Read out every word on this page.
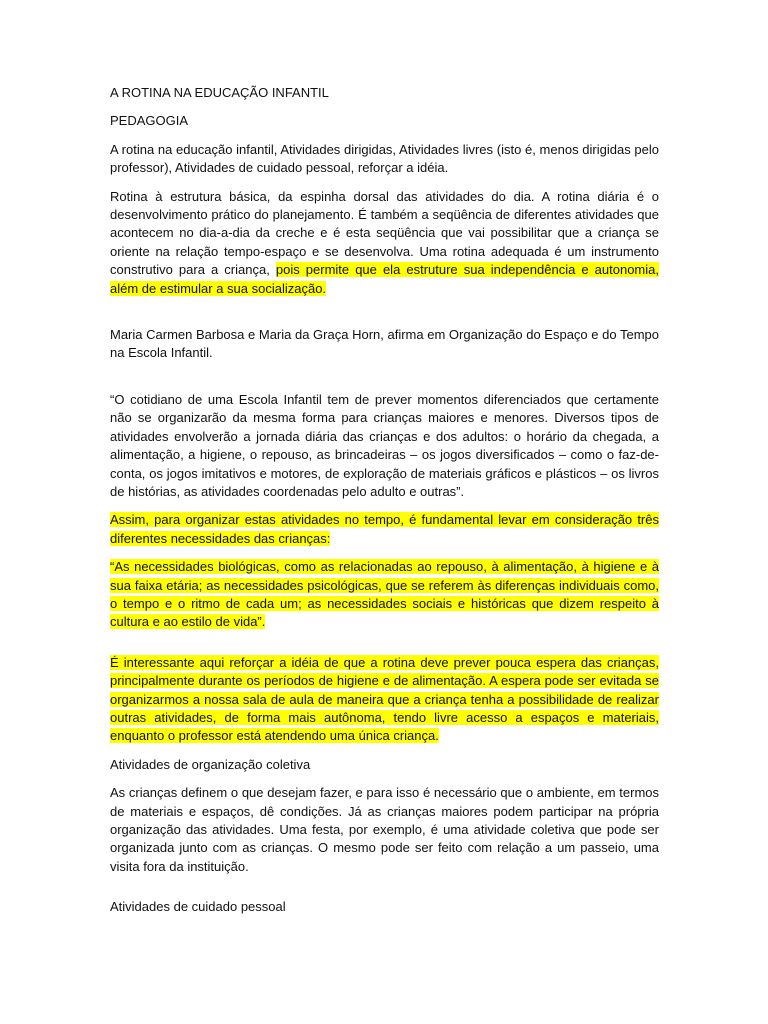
A ROTINA NA EDUCAÇÃO INFANTIL

PEDAGOGIA

A rotina na educação infantil, Atividades dirigidas, Atividades livres (isto é, menos dirigidas pelo professor), Atividades de cuidado pessoal, reforçar a idéia.

Rotina à estrutura básica, da espinha dorsal das atividades do dia. A rotina diária é o desenvolvimento prático do planejamento. É também a seqüência de diferentes atividades que acontecem no dia-a-dia da creche e é esta seqüência que vai possibilitar que a criança se oriente na relação tempo-espaço e se desenvolva. Uma rotina adequada é um instrumento construtivo para a criança, pois permite que ela estruture sua independência e autonomia, além de estimular a sua socialização.

Maria Carmen Barbosa e Maria da Graça Horn, afirma em Organização do Espaço e do Tempo na Escola Infantil.

“O cotidiano de uma Escola Infantil tem de prever momentos diferenciados que certamente não se organizarão da mesma forma para crianças maiores e menores. Diversos tipos de atividades envolverão a jornada diária das crianças e dos adultos: o horário da chegada, a alimentação, a higiene, o repouso, as brincadeiras – os jogos diversificados – como o faz-de-conta, os jogos imitativos e motores, de exploração de materiais gráficos e plásticos – os livros de histórias, as atividades coordenadas pelo adulto e outras”.

Assim, para organizar estas atividades no tempo, é fundamental levar em consideração três diferentes necessidades das crianças:

“As necessidades biológicas, como as relacionadas ao repouso, à alimentação, à higiene e à sua faixa etária; as necessidades psicológicas, que se referem às diferenças individuais como, o tempo e o ritmo de cada um; as necessidades sociais e históricas que dizem respeito à cultura e ao estilo de vida”.

É interessante aqui reforçar a idéia de que a rotina deve prever pouca espera das crianças, principalmente durante os períodos de higiene e de alimentação. A espera pode ser evitada se organizarmos a nossa sala de aula de maneira que a criança tenha a possibilidade de realizar outras atividades, de forma mais autônoma, tendo livre acesso a espaços e materiais, enquanto o professor está atendendo uma única criança.

Atividades de organização coletiva

As crianças definem o que desejam fazer, e para isso é necessário que o ambiente, em termos de materiais e espaços, dê condições. Já as crianças maiores podem participar na própria organização das atividades. Uma festa, por exemplo, é uma atividade coletiva que pode ser organizada junto com as crianças. O mesmo pode ser feito com relação a um passeio, uma visita fora da instituição.

Atividades de cuidado pessoal
